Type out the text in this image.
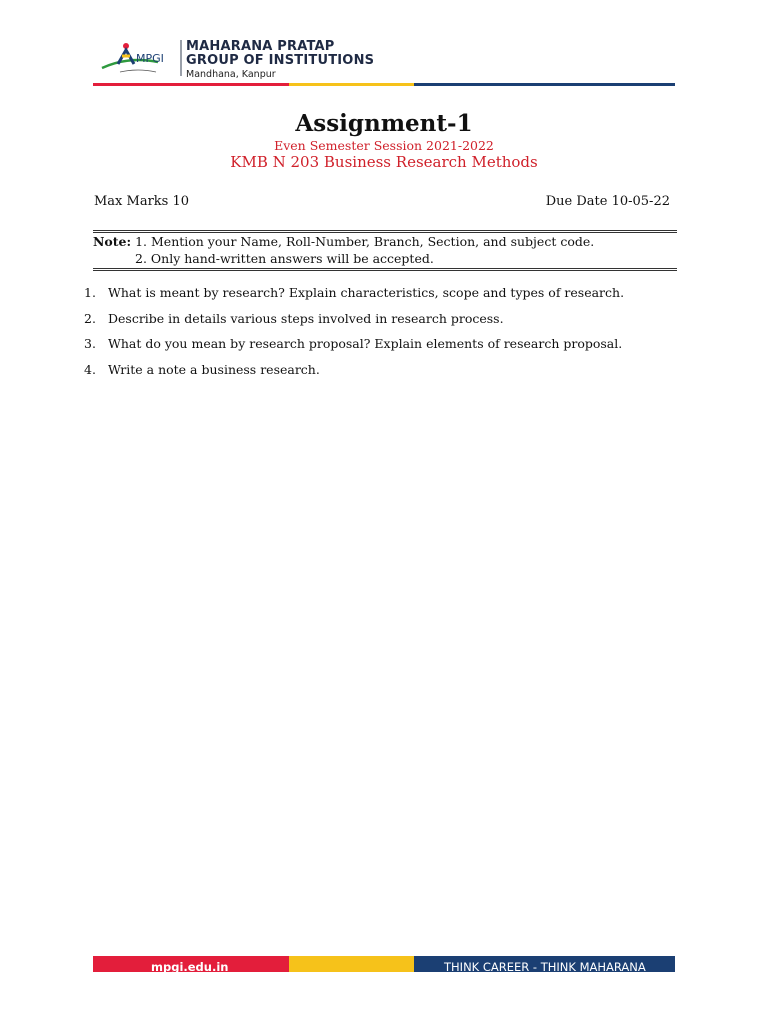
MPGI
MAHARANA PRATAP
GROUP OF INSTITUTIONS
Mandhana, Kanpur
Assignment-1
Even Semester Session 2021-2022
KMB N 203 Business Research Methods
Max Marks 10	Due Date 10-05-22
Note: 1. Mention your Name, Roll-Number, Branch, Section, and subject code.
2. Only hand-written answers will be accepted.
1. What is meant by research? Explain characteristics, scope and types of research.
2. Describe in details various steps involved in research process.
3. What do you mean by research proposal? Explain elements of research proposal.
4. Write a note a business research.
mpgi.edu.in	THINK CAREER - THINK MAHARANA
